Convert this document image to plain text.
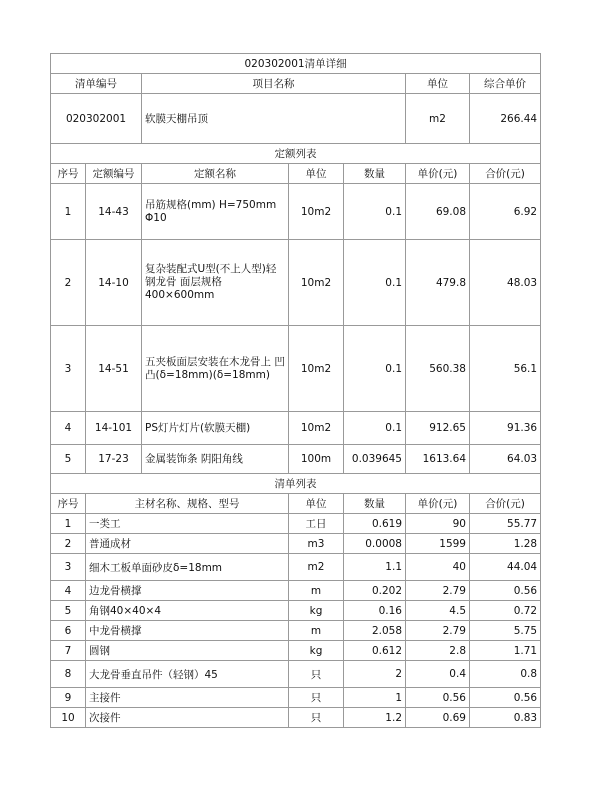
020302001清单详细						
清单编号		项目名称			单位	综合单价
020302001		软膜天棚吊顶			m2	266.44
定额列表						
序号	定额编号	定额名称	单位	数量	单价(元)	合价(元)
1	14-43	吊筋规格(mm) H=750mm Φ10	10m2	0.1	69.08	6.92
2	14-10	复杂装配式U型(不上人型)轻钢龙骨 面层规格400×600mm	10m2	0.1	479.8	48.03
3	14-51	五夹板面层安装在木龙骨上 凹凸(δ=18mm)(δ=18mm)	10m2	0.1	560.38	56.1
4	14-101	PS灯片灯片(软膜天棚)	10m2	0.1	912.65	91.36
5	17-23	金属装饰条 阴阳角线	100m	0.039645	1613.64	64.03
清单列表						
序号	主材名称、规格、型号		单位	数量	单价(元)	合价(元)
1	一类工		工日	0.619	90	55.77
2	普通成材		m3	0.0008	1599	1.28
3	细木工板单面砂皮δ=18mm		m2	1.1	40	44.04
4	边龙骨横撑		m	0.202	2.79	0.56
5	角钢40×40×4		kg	0.16	4.5	0.72
6	中龙骨横撑		m	2.058	2.79	5.75
7	圆钢		kg	0.612	2.8	1.71
8	大龙骨垂直吊件（轻钢）45		只	2	0.4	0.8
9	主接件		只	1	0.56	0.56
10	次接件		只	1.2	0.69	0.83
